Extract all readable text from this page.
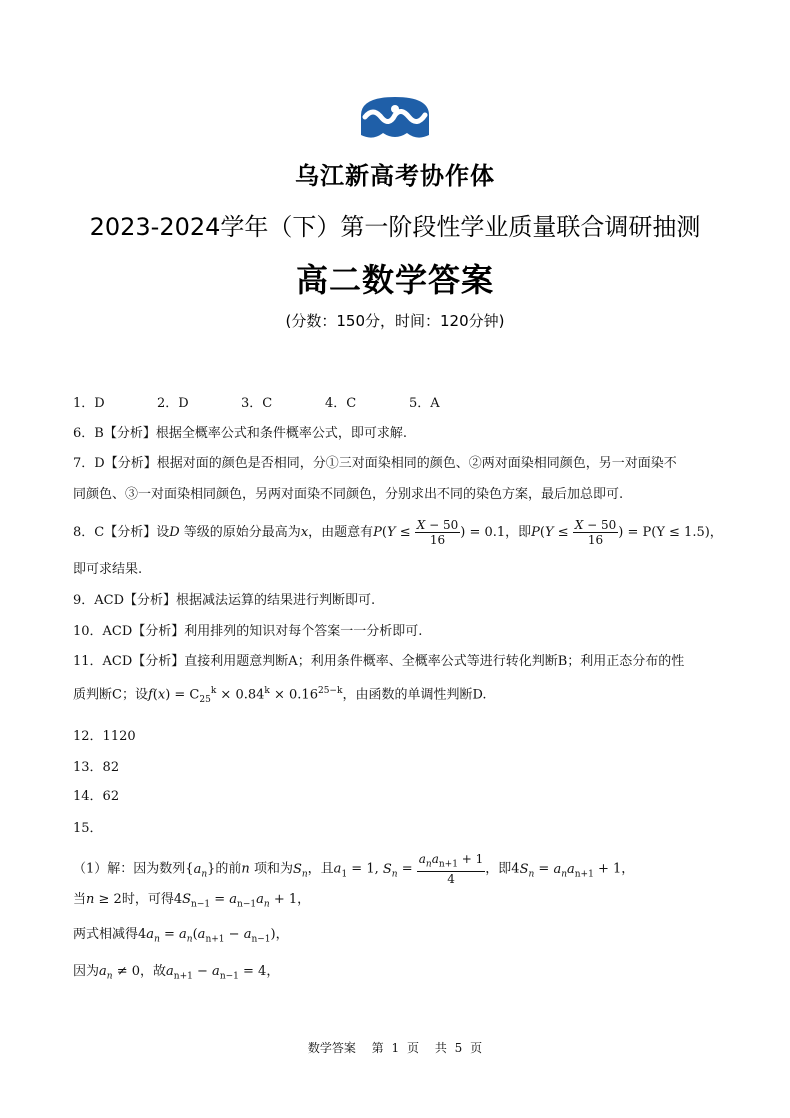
乌江新高考协作体
2023-2024学年（下）第一阶段性学业质量联合调研抽测
高二数学答案
(分数：150分，时间：120分钟)
1．D	2．D	3．C	4．C	5．A
6．B【分析】根据全概率公式和条件概率公式，即可求解.
7．D【分析】根据对面的颜色是否相同，分①三对面染相同的颜色、②两对面染相同颜色，另一对面染不
同颜色、③一对面染相同颜色，另两对面染不同颜色，分别求出不同的染色方案，最后加总即可.
8．C【分析】设D 等级的原始分最高为x，由题意有$P(Y \le \frac{X - 50}{16}$ ) = 0.1，即$P(Y \le \frac{X - 50}{16}$ ) = P(Y ≤ 1.5)，
即可求结果.
9．ACD【分析】根据减法运算的结果进行判断即可.
10．ACD【分析】利用排列的知识对每个答案一一分析即可.
11．ACD【分析】直接利用题意判断A；利用条件概率、全概率公式等进行转化判断B；利用正态分布的性
质判断C；设$f(x) = C_{25}^k \times 0.84^k \times 0.16^{25-k}$，由函数的单调性判断D.
12．1120
13．82
14．62
15．
（1）解：因为数列$\{a_n\}$的前n 项和为$S_n$，且$a_1 = 1$, $S_n = \frac{a_na_{n+1} + 1}{4}$ ，即$4S_n = a_na_{n+1} + 1$，
当n ≥ 2时，可得$4S_{n-1} = a_{n-1}a_n + 1$，
两式相减得$4a_n = a_n(a_{n+1} - a_{n-1})$，
因为$a_n \ne 0$，故$a_{n+1} - a_{n-1} = 4$，
数学答案 第 1 页 共 5 页
